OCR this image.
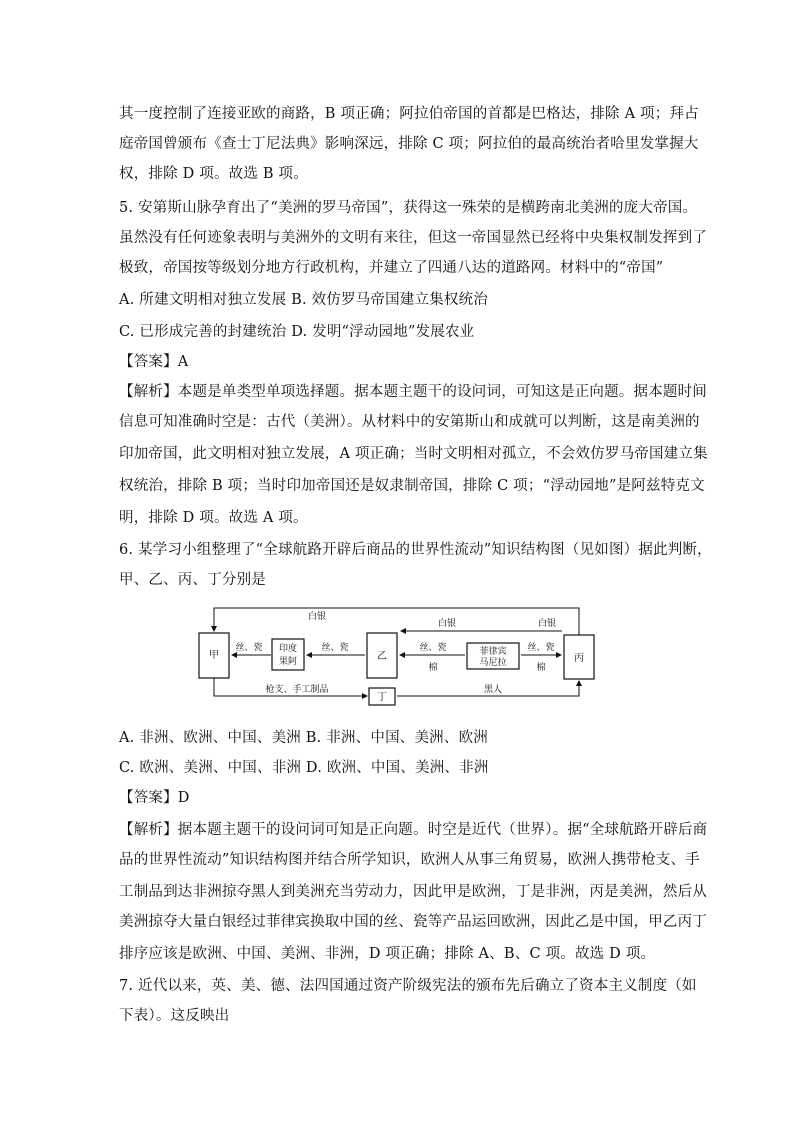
其一度控制了连接亚欧的商路，B 项正确；阿拉伯帝国的首都是巴格达，排除 A 项；拜占
庭帝国曾颁布《查士丁尼法典》影响深远，排除 C 项；阿拉伯的最高统治者哈里发掌握大
权，排除 D 项。故选 B 项。
5. 安第斯山脉孕育出了“美洲的罗马帝国”，获得这一殊荣的是横跨南北美洲的庞大帝国。
虽然没有任何迹象表明与美洲外的文明有来往，但这一帝国显然已经将中央集权制发挥到了
极致，帝国按等级划分地方行政机构，并建立了四通八达的道路网。材料中的“帝国”
A. 所建文明相对独立发展 B. 效仿罗马帝国建立集权统治
C. 已形成完善的封建统治 D. 发明“浮动园地”发展农业
【答案】A
【解析】本题是单类型单项选择题。据本题主题干的设问词，可知这是正向题。据本题时间
信息可知准确时空是：古代（美洲）。从材料中的安第斯山和成就可以判断，这是南美洲的
印加帝国，此文明相对独立发展，A 项正确；当时文明相对孤立，不会效仿罗马帝国建立集
权统治，排除 B 项；当时印加帝国还是奴隶制帝国，排除 C 项；“浮动园地”是阿兹特克文
明，排除 D 项。故选 A 项。
6. 某学习小组整理了“全球航路开辟后商品的世界性流动”知识结构图（见如图）据此判断，
甲、乙、丙、丁分别是
甲
印度
果阿	乙	菲律宾
马尼拉	丙
丁
白银
白银	白银
丝、瓷
丝、瓷	丝、瓷
棉
丝、瓷
棉
枪支、手工制品	黑人
A. 非洲、欧洲、中国、美洲 B. 非洲、中国、美洲、欧洲
C. 欧洲、美洲、中国、非洲 D. 欧洲、中国、美洲、非洲
【答案】D
【解析】据本题主题干的设问词可知是正向题。时空是近代（世界）。据“全球航路开辟后商
品的世界性流动”知识结构图并结合所学知识，欧洲人从事三角贸易，欧洲人携带枪支、手
工制品到达非洲掠夺黑人到美洲充当劳动力，因此甲是欧洲，丁是非洲，丙是美洲，然后从
美洲掠夺大量白银经过菲律宾换取中国的丝、瓷等产品运回欧洲，因此乙是中国，甲乙丙丁
排序应该是欧洲、中国、美洲、非洲，D 项正确；排除 A、B、C 项。故选 D 项。
7. 近代以来，英、美、德、法四国通过资产阶级宪法的颁布先后确立了资本主义制度（如
下表）。这反映出
